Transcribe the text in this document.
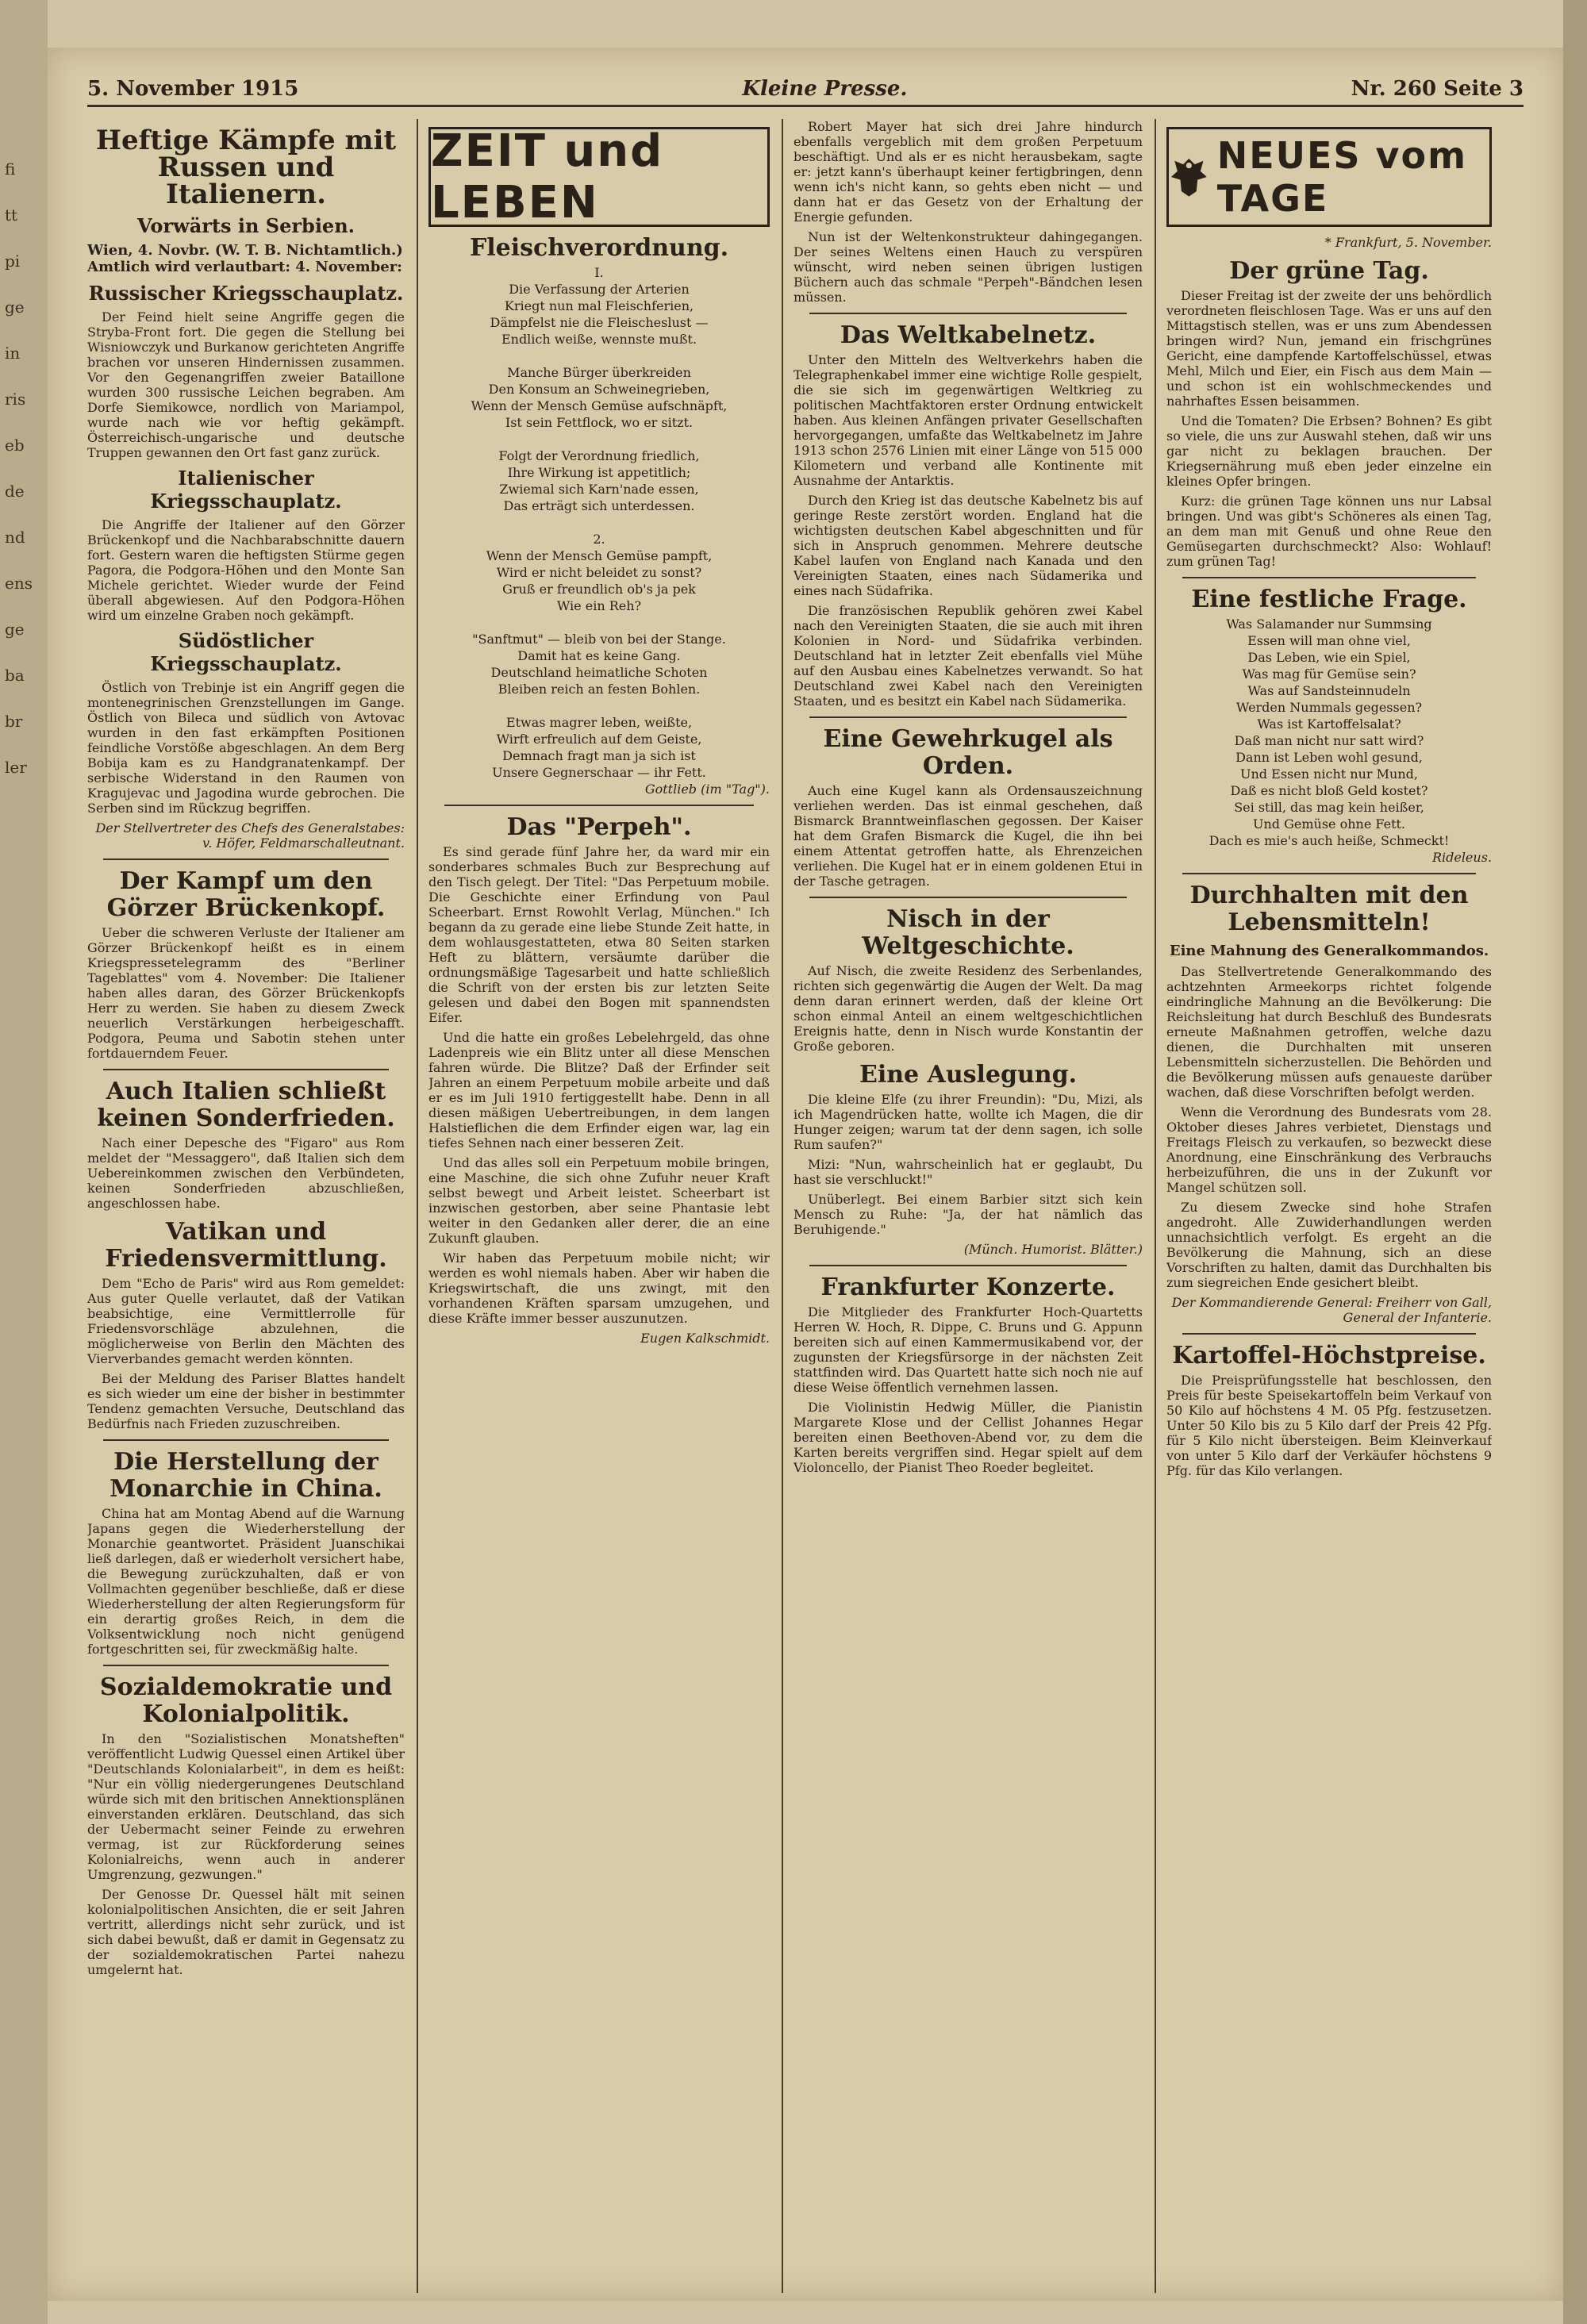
fi
tt
pi
ge
in
ris
eb
de
nd
ens
ge
ba
br
ler
5. November 1915	Kleine Presse.	Nr. 260 Seite 3
Heftige Kämpfe mit Russen und Italienern.
Vorwärts in Serbien.
Wien, 4. Novbr. (W. T. B. Nichtamtlich.) Amtlich wird verlautbart: 4. November:
Russischer Kriegsschauplatz.

Der Feind hielt seine Angriffe gegen die Stryba-Front fort. Die gegen die Stellung bei Wisniowczyk und Burkanow gerichteten Angriffe brachen vor unseren Hindernissen zusammen. Vor den Gegenangriffen zweier Bataillone wurden 300 russische Leichen begraben. Am Dorfe Siemikowce, nordlich von Mariampol, wurde nach wie vor heftig gekämpft. Österreichisch-ungarische und deutsche Truppen gewannen den Ort fast ganz zurück.

Italienischer Kriegsschauplatz.

Die Angriffe der Italiener auf den Görzer Brückenkopf und die Nachbarabschnitte dauern fort. Gestern waren die heftigsten Stürme gegen Pagora, die Podgora-Höhen und den Monte San Michele gerichtet. Wieder wurde der Feind überall abgewiesen. Auf den Podgora-Höhen wird um einzelne Graben noch gekämpft.

Südöstlicher Kriegsschauplatz.

Östlich von Trebinje ist ein Angriff gegen die montenegrinischen Grenzstellungen im Gange. Östlich von Bileca und südlich von Avtovac wurden in den fast erkämpften Positionen feindliche Vorstöße abgeschlagen. An dem Berg Bobija kam es zu Handgranatenkampf. Der serbische Widerstand in den Raumen von Kragujevac und Jagodina wurde gebrochen. Die Serben sind im Rückzug begriffen.

Der Stellvertreter des Chefs des Generalstabes: v. Höfer, Feldmarschalleutnant.
Der Kampf um den Görzer Brückenkopf.

Ueber die schweren Verluste der Italiener am Görzer Brückenkopf heißt es in einem Kriegspressetelegramm des "Berliner Tageblattes" vom 4. November: Die Italiener haben alles daran, des Görzer Brückenkopfs Herr zu werden. Sie haben zu diesem Zweck neuerlich Verstärkungen herbeigeschafft. Podgora, Peuma und Sabotin stehen unter fortdauerndem Feuer.

Auch Italien schließt keinen Sonderfrieden.

Nach einer Depesche des "Figaro" aus Rom meldet der "Messaggero", daß Italien sich dem Uebereinkommen zwischen den Verbündeten, keinen Sonderfrieden abzuschließen, angeschlossen habe.

Vatikan und Friedensvermittlung.

Dem "Echo de Paris" wird aus Rom gemeldet: Aus guter Quelle verlautet, daß der Vatikan beabsichtige, eine Vermittlerrolle für Friedensvorschläge abzulehnen, die möglicherweise von Berlin den Mächten des Vierverbandes gemacht werden könnten.

Bei der Meldung des Pariser Blattes handelt es sich wieder um eine der bisher in bestimmter Tendenz gemachten Versuche, Deutschland das Bedürfnis nach Frieden zuzuschreiben.

Die Herstellung der Monarchie in China.

China hat am Montag Abend auf die Warnung Japans gegen die Wiederherstellung der Monarchie geantwortet. Präsident Juanschikai ließ darlegen, daß er wiederholt versichert habe, die Bewegung zurückzuhalten, daß er von Vollmachten gegenüber beschließe, daß er diese Wiederherstellung der alten Regierungsform für ein derartig großes Reich, in dem die Volksentwicklung noch nicht genügend fortgeschritten sei, für zweckmäßig halte.

Sozialdemokratie und Kolonialpolitik.

In den "Sozialistischen Monatsheften" veröffentlicht Ludwig Quessel einen Artikel über "Deutschlands Kolonialarbeit", in dem es heißt: "Nur ein völlig niedergerungenes Deutschland würde sich mit den britischen Annektionsplänen einverstanden erklären. Deutschland, das sich der Uebermacht seiner Feinde zu erwehren vermag, ist zur Rückforderung seines Kolonialreichs, wenn auch in anderer Umgrenzung, gezwungen."

Der Genosse Dr. Quessel hält mit seinen kolonialpolitischen Ansichten, die er seit Jahren vertritt, allerdings nicht sehr zurück, und ist sich dabei bewußt, daß er damit in Gegensatz zu der sozialdemokratischen Partei nahezu umgelernt hat.

ZEIT und LEBEN
Fleischverordnung.
I.
Die Verfassung der Arterien
Kriegt nun mal Fleischferien,
Dämpfelst nie die Fleischeslust —
Endlich weiße, wennste mußt.

Manche Bürger überkreiden
Den Konsum an Schweinegrieben,
Wenn der Mensch Gemüse aufschnäpft,
Ist sein Fettflock, wo er sitzt.

Folgt der Verordnung friedlich,
Ihre Wirkung ist appetitlich;
Zwiemal sich Karn'nade essen,
Das erträgt sich unterdessen.

2.
Wenn der Mensch Gemüse pampft,
Wird er nicht beleidet zu sonst?
Gruß er freundlich ob's ja pek
Wie ein Reh?

"Sanftmut" — bleib von bei der Stange.
Damit hat es keine Gang.
Deutschland heimatliche Schoten
Bleiben reich an festen Bohlen.

Etwas magrer leben, weißte,
Wirft erfreulich auf dem Geiste,
Demnach fragt man ja sich ist
Unsere Gegnerschaar — ihr Fett.
Gottlieb (im "Tag").
Das "Perpeh".

Es sind gerade fünf Jahre her, da ward mir ein sonderbares schmales Buch zur Besprechung auf den Tisch gelegt. Der Titel: "Das Perpetuum mobile. Die Geschichte einer Erfindung von Paul Scheerbart. Ernst Rowohlt Verlag, München." Ich begann da zu gerade eine liebe Stunde Zeit hatte, in dem wohlausgestatteten, etwa 80 Seiten starken Heft zu blättern, versäumte darüber die ordnungsmäßige Tagesarbeit und hatte schließlich die Schrift von der ersten bis zur letzten Seite gelesen und dabei den Bogen mit spannendsten Eifer.

Und die hatte ein großes Lebelehrgeld, das ohne Ladenpreis wie ein Blitz unter all diese Menschen fahren würde. Die Blitze? Daß der Erfinder seit Jahren an einem Perpetuum mobile arbeite und daß er es im Juli 1910 fertiggestellt habe. Denn in all diesen mäßigen Uebertreibungen, in dem langen Halstieflichen die dem Erfinder eigen war, lag ein tiefes Sehnen nach einer besseren Zeit.

Und das alles soll ein Perpetuum mobile bringen, eine Maschine, die sich ohne Zufuhr neuer Kraft selbst bewegt und Arbeit leistet. Scheerbart ist inzwischen gestorben, aber seine Phantasie lebt weiter in den Gedanken aller derer, die an eine Zukunft glauben.

Wir haben das Perpetuum mobile nicht; wir werden es wohl niemals haben. Aber wir haben die Kriegswirtschaft, die uns zwingt, mit den vorhandenen Kräften sparsam umzugehen, und diese Kräfte immer besser auszunutzen.

Eugen Kalkschmidt.

Robert Mayer hat sich drei Jahre hindurch ebenfalls vergeblich mit dem großen Perpetuum beschäftigt. Und als er es nicht herausbekam, sagte er: jetzt kann's überhaupt keiner fertigbringen, denn wenn ich's nicht kann, so gehts eben nicht — und dann hat er das Gesetz von der Erhaltung der Energie gefunden.

Nun ist der Weltenkonstrukteur dahingegangen. Der seines Weltens einen Hauch zu verspüren wünscht, wird neben seinen übrigen lustigen Büchern auch das schmale "Perpeh"-Bändchen lesen müssen.

Das Weltkabelnetz.

Unter den Mitteln des Weltverkehrs haben die Telegraphenkabel immer eine wichtige Rolle gespielt, die sie sich im gegenwärtigen Weltkrieg zu politischen Machtfaktoren erster Ordnung entwickelt haben. Aus kleinen Anfängen privater Gesellschaften hervorgegangen, umfaßte das Weltkabelnetz im Jahre 1913 schon 2576 Linien mit einer Länge von 515 000 Kilometern und verband alle Kontinente mit Ausnahme der Antarktis.

Durch den Krieg ist das deutsche Kabelnetz bis auf geringe Reste zerstört worden. England hat die wichtigsten deutschen Kabel abgeschnitten und für sich in Anspruch genommen. Mehrere deutsche Kabel laufen von England nach Kanada und den Vereinigten Staaten, eines nach Südamerika und eines nach Südafrika.

Die französischen Republik gehören zwei Kabel nach den Vereinigten Staaten, die sie auch mit ihren Kolonien in Nord- und Südafrika verbinden. Deutschland hat in letzter Zeit ebenfalls viel Mühe auf den Ausbau eines Kabelnetzes verwandt. So hat Deutschland zwei Kabel nach den Vereinigten Staaten, und es besitzt ein Kabel nach Südamerika.

Eine Gewehrkugel als Orden.

Auch eine Kugel kann als Ordensauszeichnung verliehen werden. Das ist einmal geschehen, daß Bismarck Branntweinflaschen gegossen. Der Kaiser hat dem Grafen Bismarck die Kugel, die ihn bei einem Attentat getroffen hatte, als Ehrenzeichen verliehen. Die Kugel hat er in einem goldenen Etui in der Tasche getragen.

Nisch in der Weltgeschichte.

Auf Nisch, die zweite Residenz des Serbenlandes, richten sich gegenwärtig die Augen der Welt. Da mag denn daran erinnert werden, daß der kleine Ort schon einmal Anteil an einem weltgeschichtlichen Ereignis hatte, denn in Nisch wurde Konstantin der Große geboren.

Eine Auslegung.

Die kleine Elfe (zu ihrer Freundin): "Du, Mizi, als ich Magendrücken hatte, wollte ich Magen, die dir Hunger zeigen; warum tat der denn sagen, ich solle Rum saufen?"

Mizi: "Nun, wahrscheinlich hat er geglaubt, Du hast sie verschluckt!"

Unüberlegt. Bei einem Barbier sitzt sich kein Mensch zu Ruhe: "Ja, der hat nämlich das Beruhigende."

(Münch. Humorist. Blätter.)
Frankfurter Konzerte.

Die Mitglieder des Frankfurter Hoch-Quartetts Herren W. Hoch, R. Dippe, C. Bruns und G. Appunn bereiten sich auf einen Kammermusikabend vor, der zugunsten der Kriegsfürsorge in der nächsten Zeit stattfinden wird. Das Quartett hatte sich noch nie auf diese Weise öffentlich vernehmen lassen.

Die Violinistin Hedwig Müller, die Pianistin Margarete Klose und der Cellist Johannes Hegar bereiten einen Beethoven-Abend vor, zu dem die Karten bereits vergriffen sind. Hegar spielt auf dem Violoncello, der Pianist Theo Roeder begleitet.

NEUES vom TAGE
* Frankfurt, 5. November.
Der grüne Tag.

Dieser Freitag ist der zweite der uns behördlich verordneten fleischlosen Tage. Was er uns auf den Mittagstisch stellen, was er uns zum Abendessen bringen wird? Nun, jemand ein frischgrünes Gericht, eine dampfende Kartoffelschüssel, etwas Mehl, Milch und Eier, ein Fisch aus dem Main — und schon ist ein wohlschmeckendes und nahrhaftes Essen beisammen.

Und die Tomaten? Die Erbsen? Bohnen? Es gibt so viele, die uns zur Auswahl stehen, daß wir uns gar nicht zu beklagen brauchen. Der Kriegsernährung muß eben jeder einzelne ein kleines Opfer bringen.

Kurz: die grünen Tage können uns nur Labsal bringen. Und was gibt's Schöneres als einen Tag, an dem man mit Genuß und ohne Reue den Gemüsegarten durchschmeckt? Also: Wohlauf! zum grünen Tag!

Eine festliche Frage.
Was Salamander nur Summsing
Essen will man ohne viel,
Das Leben, wie ein Spiel,
Was mag für Gemüse sein?
Was auf Sandsteinnudeln
Werden Nummals gegessen?
Was ist Kartoffelsalat?
Daß man nicht nur satt wird?
Dann ist Leben wohl gesund,
Und Essen nicht nur Mund,
Daß es nicht bloß Geld kostet?
Sei still, das mag kein heißer,
Und Gemüse ohne Fett.
Dach es mie's auch heiße, Schmeckt!
Rideleus.
Durchhalten mit den Lebensmitteln!
Eine Mahnung des Generalkommandos.

Das Stellvertretende Generalkommando des achtzehnten Armeekorps richtet folgende eindringliche Mahnung an die Bevölkerung: Die Reichsleitung hat durch Beschluß des Bundesrats erneute Maßnahmen getroffen, welche dazu dienen, die Durchhalten mit unseren Lebensmitteln sicherzustellen. Die Behörden und die Bevölkerung müssen aufs genaueste darüber wachen, daß diese Vorschriften befolgt werden.

Wenn die Verordnung des Bundesrats vom 28. Oktober dieses Jahres verbietet, Dienstags und Freitags Fleisch zu verkaufen, so bezweckt diese Anordnung, eine Einschränkung des Verbrauchs herbeizuführen, die uns in der Zukunft vor Mangel schützen soll.

Zu diesem Zwecke sind hohe Strafen angedroht. Alle Zuwiderhandlungen werden unnachsichtlich verfolgt. Es ergeht an die Bevölkerung die Mahnung, sich an diese Vorschriften zu halten, damit das Durchhalten bis zum siegreichen Ende gesichert bleibt.

Der Kommandierende General: Freiherr von Gall, General der Infanterie.
Kartoffel-Höchstpreise.

Die Preisprüfungsstelle hat beschlossen, den Preis für beste Speisekartoffeln beim Verkauf von 50 Kilo auf höchstens 4 M. 05 Pfg. festzusetzen. Unter 50 Kilo bis zu 5 Kilo darf der Preis 42 Pfg. für 5 Kilo nicht übersteigen. Beim Kleinverkauf von unter 5 Kilo darf der Verkäufer höchstens 9 Pfg. für das Kilo verlangen.
